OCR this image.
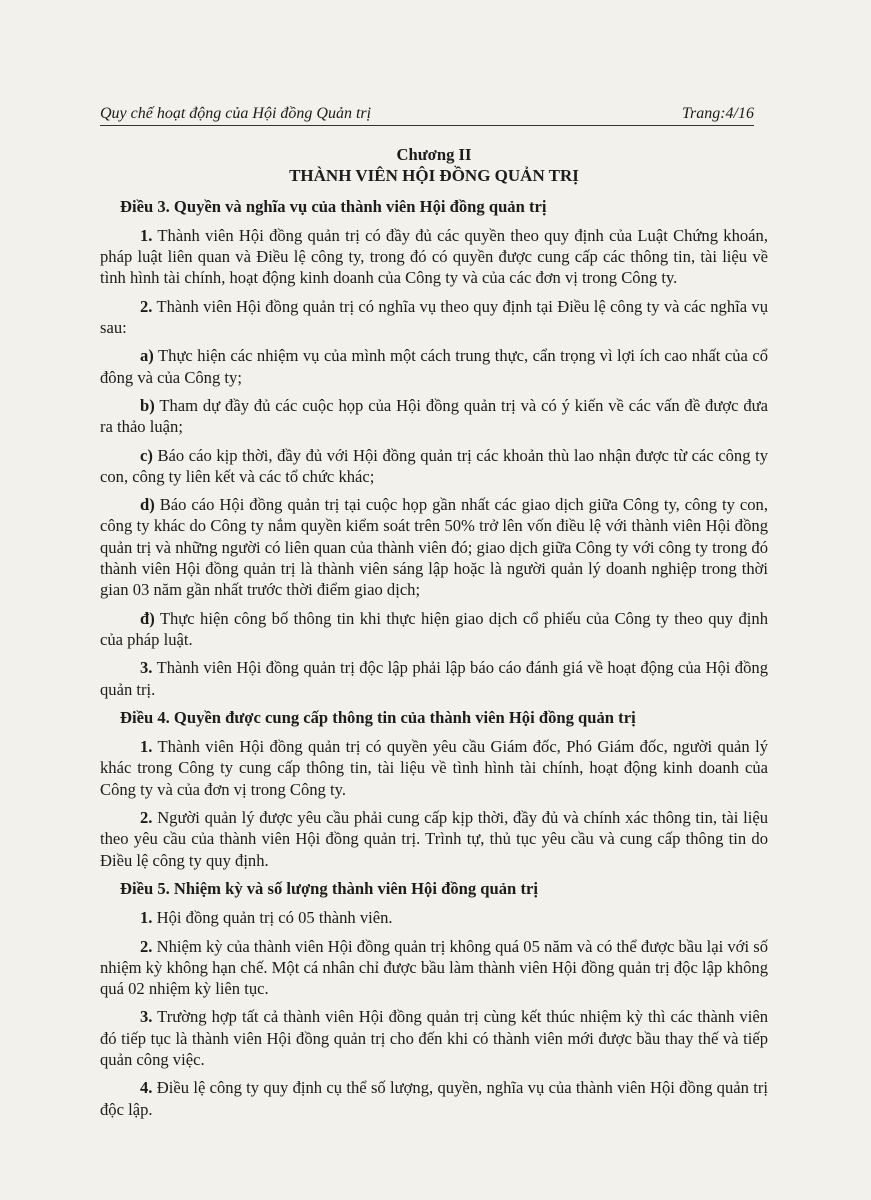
Quy chế hoạt động của Hội đồng Quản trị	Trang:4/16
Chương II
THÀNH VIÊN HỘI ĐỒNG QUẢN TRỊ
Điều 3. Quyền và nghĩa vụ của thành viên Hội đồng quản trị

1. Thành viên Hội đồng quản trị có đầy đủ các quyền theo quy định của Luật Chứng khoán, pháp luật liên quan và Điều lệ công ty, trong đó có quyền được cung cấp các thông tin, tài liệu về tình hình tài chính, hoạt động kinh doanh của Công ty và của các đơn vị trong Công ty.

2. Thành viên Hội đồng quản trị có nghĩa vụ theo quy định tại Điều lệ công ty và các nghĩa vụ sau:

a) Thực hiện các nhiệm vụ của mình một cách trung thực, cẩn trọng vì lợi ích cao nhất của cổ đông và của Công ty;

b) Tham dự đầy đủ các cuộc họp của Hội đồng quản trị và có ý kiến về các vấn đề được đưa ra thảo luận;

c) Báo cáo kịp thời, đầy đủ với Hội đồng quản trị các khoản thù lao nhận được từ các công ty con, công ty liên kết và các tổ chức khác;

d) Báo cáo Hội đồng quản trị tại cuộc họp gần nhất các giao dịch giữa Công ty, công ty con, công ty khác do Công ty nắm quyền kiểm soát trên 50% trở lên vốn điều lệ với thành viên Hội đồng quản trị và những người có liên quan của thành viên đó; giao dịch giữa Công ty với công ty trong đó thành viên Hội đồng quản trị là thành viên sáng lập hoặc là người quản lý doanh nghiệp trong thời gian 03 năm gần nhất trước thời điểm giao dịch;

đ) Thực hiện công bố thông tin khi thực hiện giao dịch cổ phiếu của Công ty theo quy định của pháp luật.

3. Thành viên Hội đồng quản trị độc lập phải lập báo cáo đánh giá về hoạt động của Hội đồng quản trị.

Điều 4. Quyền được cung cấp thông tin của thành viên Hội đồng quản trị

1. Thành viên Hội đồng quản trị có quyền yêu cầu Giám đốc, Phó Giám đốc, người quản lý khác trong Công ty cung cấp thông tin, tài liệu về tình hình tài chính, hoạt động kinh doanh của Công ty và của đơn vị trong Công ty.

2. Người quản lý được yêu cầu phải cung cấp kịp thời, đầy đủ và chính xác thông tin, tài liệu theo yêu cầu của thành viên Hội đồng quản trị. Trình tự, thủ tục yêu cầu và cung cấp thông tin do Điều lệ công ty quy định.

Điều 5. Nhiệm kỳ và số lượng thành viên Hội đồng quản trị

1. Hội đồng quản trị có 05 thành viên.

2. Nhiệm kỳ của thành viên Hội đồng quản trị không quá 05 năm và có thể được bầu lại với số nhiệm kỳ không hạn chế. Một cá nhân chỉ được bầu làm thành viên Hội đồng quản trị độc lập không quá 02 nhiệm kỳ liên tục.

3. Trường hợp tất cả thành viên Hội đồng quản trị cùng kết thúc nhiệm kỳ thì các thành viên đó tiếp tục là thành viên Hội đồng quản trị cho đến khi có thành viên mới được bầu thay thế và tiếp quản công việc.

4. Điều lệ công ty quy định cụ thể số lượng, quyền, nghĩa vụ của thành viên Hội đồng quản trị độc lập.
